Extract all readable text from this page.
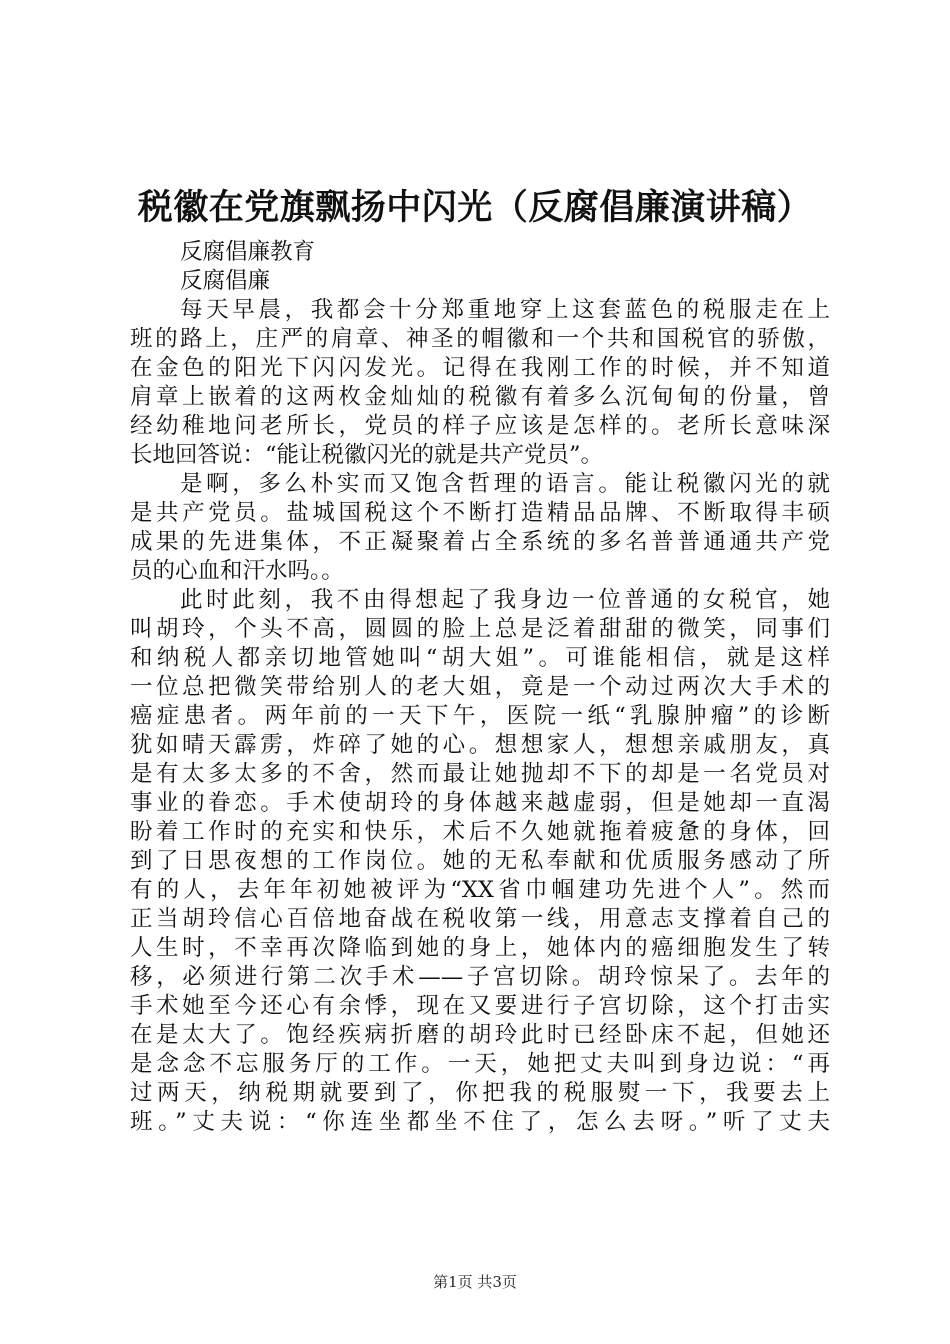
税徽在党旗飘扬中闪光（反腐倡廉演讲稿）
反腐倡廉教育
反腐倡廉
每天早晨，我都会十分郑重地穿上这套蓝色的税服走在上
班的路上，庄严的肩章、神圣的帽徽和一个共和国税官的骄傲，
在金色的阳光下闪闪发光。记得在我刚工作的时候，并不知道
肩章上嵌着的这两枚金灿灿的税徽有着多么沉甸甸的份量，曾
经幼稚地问老所长，党员的样子应该是怎样的。老所长意味深
长地回答说：“能让税徽闪光的就是共产党员”。
是啊，多么朴实而又饱含哲理的语言。能让税徽闪光的就
是共产党员。盐城国税这个不断打造精品品牌、不断取得丰硕
成果的先进集体，不正凝聚着占全系统的多名普普通通共产党
员的心血和汗水吗。。
此时此刻，我不由得想起了我身边一位普通的女税官，她
叫胡玲，个头不高，圆圆的脸上总是泛着甜甜的微笑，同事们
和纳税人都亲切地管她叫“胡大姐”。可谁能相信，就是这样
一位总把微笑带给别人的老大姐，竟是一个动过两次大手术的
癌症患者。两年前的一天下午，医院一纸“乳腺肿瘤”的诊断
犹如晴天霹雳，炸碎了她的心。想想家人，想想亲戚朋友，真
是有太多太多的不舍，然而最让她抛却不下的却是一名党员对
事业的眷恋。手术使胡玲的身体越来越虚弱，但是她却一直渴
盼着工作时的充实和快乐，术后不久她就拖着疲惫的身体，回
到了日思夜想的工作岗位。她的无私奉献和优质服务感动了所
有的人，去年年初她被评为“XX省巾帼建功先进个人”。然而
正当胡玲信心百倍地奋战在税收第一线，用意志支撑着自己的
人生时，不幸再次降临到她的身上，她体内的癌细胞发生了转
移，必须进行第二次手术——子宫切除。胡玲惊呆了。去年的
手术她至今还心有余悸，现在又要进行子宫切除，这个打击实
在是太大了。饱经疾病折磨的胡玲此时已经卧床不起，但她还
是念念不忘服务厅的工作。一天，她把丈夫叫到身边说：“再
过两天，纳税期就要到了，你把我的税服熨一下，我要去上
班。”丈夫说：“你连坐都坐不住了，怎么去呀。”听了丈夫
第1页 共3页
